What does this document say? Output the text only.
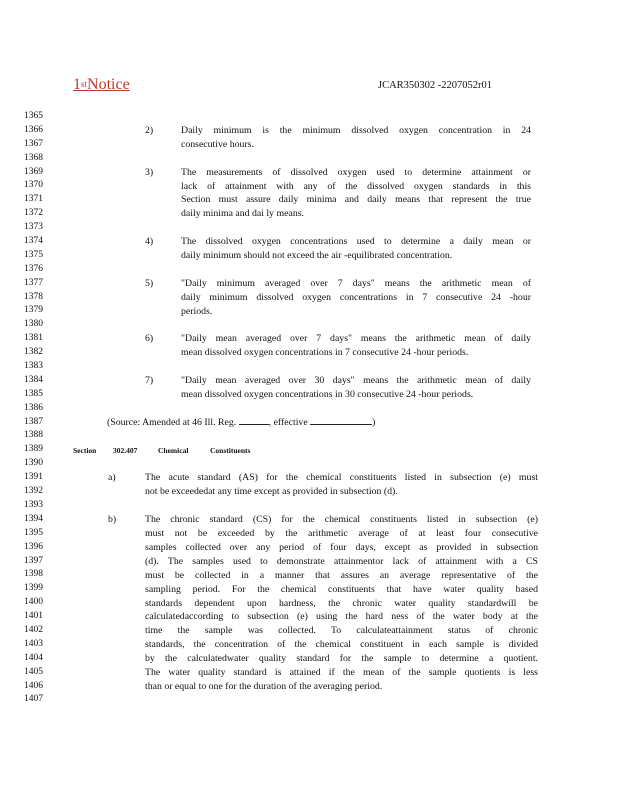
1stNotice	JCAR350302 -2207052r01
1365
1366
1367
1368
1369
1370
1371
1372
1373
1374
1375
1376
1377
1378
1379
1380
1381
1382
1383
1384
1385
1386
1387
1388
1389
1390
1391
1392
1393
1394
1395
1396
1397
1398
1399
1400
1401
1402
1403
1404
1405
1406
1407
2)	Daily minimum is the minimum dissolved oxygen concentration in 24
consecutive hours.
3)	The measurements of dissolved oxygen used to determine attainment or
lack of attainment with any of the dissolved oxygen standards in this
Section must assure daily minima and daily means that represent the true
daily minima and dai ly means.
4)	The dissolved oxygen concentrations used to determine a daily mean or
daily minimum should not exceed the air -equilibrated concentration.
5)	"Daily minimum averaged over 7 days" means the arithmetic mean of
daily minimum dissolved oxygen concentrations in 7 consecutive 24 -hour
periods.
6)	"Daily mean averaged over 7 days" means the arithmetic mean of daily
mean dissolved oxygen concentrations in 7 consecutive 24 -hour periods.
7)	"Daily mean averaged over 30 days" means the arithmetic mean of daily
mean dissolved oxygen concentrations in 30 consecutive 24 -hour periods.
(Source: Amended at 46 Ill. Reg.	, effective	)
Section 302.407	Chemical	Constituents
a)	The acute standard (AS) for the chemical constituents listed in subsection (e) must
not be exceededat any time except as provided in subsection (d).
b)	The chronic standard (CS) for the chemical constituents listed in subsection (e)
must not be exceeded by the arithmetic average of at least four consecutive
samples collected over any period of four days, except as provided in subsection
(d). The samples used to demonstrate attainmentor lack of attainment with a CS
must be collected in a manner that assures an average representative of the
sampling period. For the chemical constituents that have water quality based
standards dependent upon hardness, the chronic water quality standardwill be
calculatedaccording to subsection (e) using the hard ness of the water body at the
time the sample was collected. To calculateattainment status of chronic
standards, the concentration of the chemical constituent in each sample is divided
by the calculatedwater quality standard for the sample to determine a quotient.
The water quality standard is attained if the mean of the sample quotients is less
than or equal to one for the duration of the averaging period.
